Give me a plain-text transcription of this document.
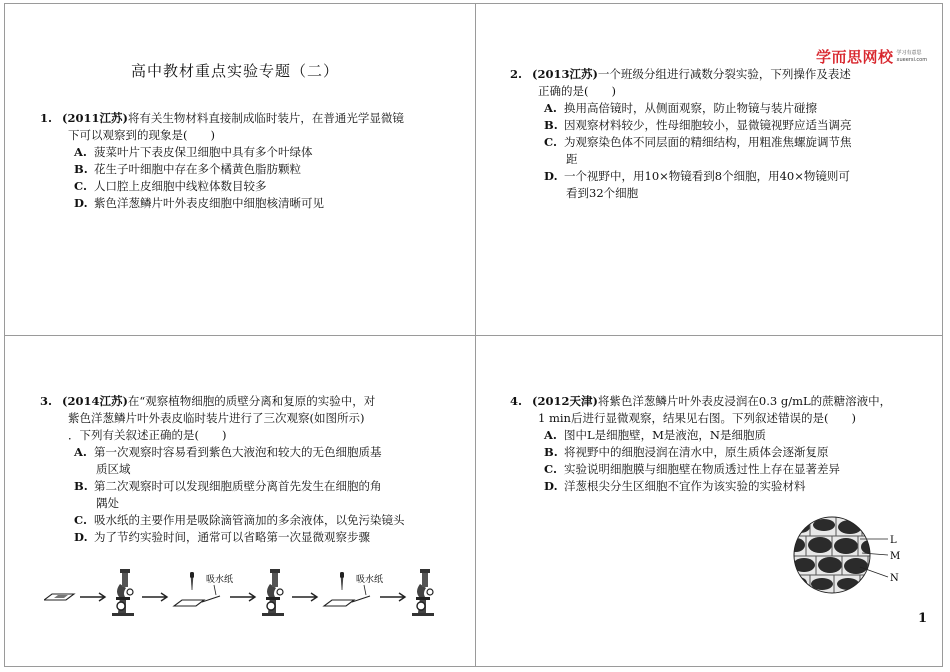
高中教材重点实验专题（二）
1. (2011江苏)将有关生物材料直接制成临时装片，在普通光学显微镜
下可以观察到的现象是(　　)
A. 菠菜叶片下表皮保卫细胞中具有多个叶绿体
B. 花生子叶细胞中存在多个橘黄色脂肪颗粒
C. 人口腔上皮细胞中线粒体数目较多
D. 紫色洋葱鳞片叶外表皮细胞中细胞核清晰可见
学而思网校 学习有意思
xueersi.com
2. (2013江苏)一个班级分组进行减数分裂实验，下列操作及表述
正确的是(　　)
A. 换用高倍镜时，从侧面观察，防止物镜与装片碰擦
B. 因观察材料较少，性母细胞较小，显微镜视野应适当调亮
C. 为观察染色体不同层面的精细结构，用粗准焦螺旋调节焦
距
D. 一个视野中，用10×物镜看到8个细胞，用40×物镜则可
看到32个细胞
3. (2014江苏)在“观察植物细胞的质壁分离和复原的实验中，对
紫色洋葱鳞片叶外表皮临时装片进行了三次观察(如图所示)
．下列有关叙述正确的是(　　)
A. 第一次观察时容易看到紫色大液泡和较大的无色细胞质基
质区域
B. 第二次观察时可以发现细胞质壁分离首先发生在细胞的角
隅处
C. 吸水纸的主要作用是吸除滴管滴加的多余液体，以免污染镜头
D. 为了节约实验时间，通常可以省略第一次显微观察步骤
吸水纸	吸水纸
4. (2012天津)将紫色洋葱鳞片叶外表皮浸润在0.3 g/mL的蔗糖溶液中，
1 min后进行显微观察，结果见右图。下列叙述错误的是(　　)
A. 图中L是细胞壁，M是液泡，N是细胞质
B. 将视野中的细胞浸润在清水中，原生质体会逐渐复原
C. 实验说明细胞膜与细胞壁在物质透过性上存在显著差异
D. 洋葱根尖分生区细胞不宜作为该实验的实验材料
L
M
N
1
